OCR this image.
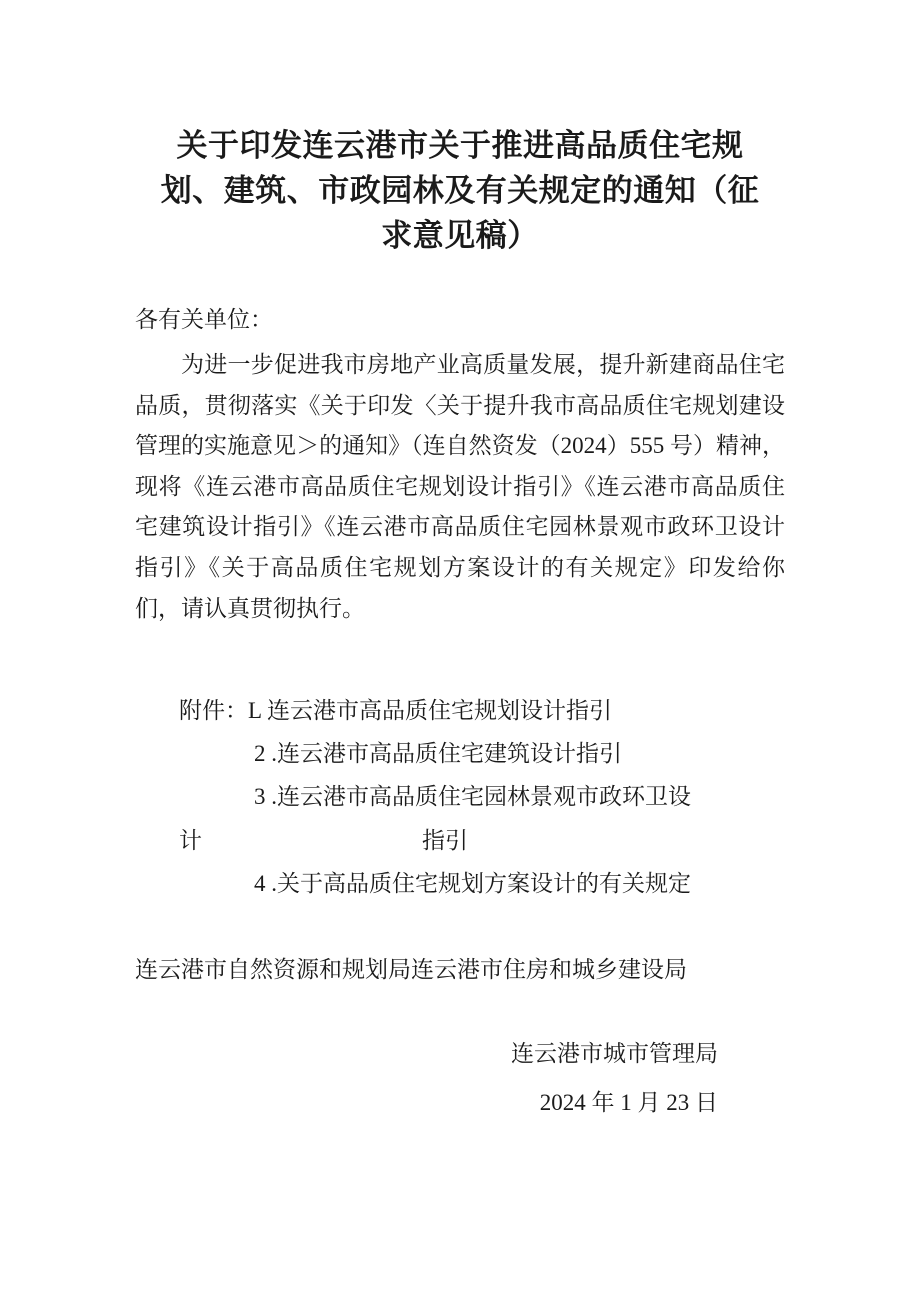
关于印发连云港市关于推进高品质住宅规
划、建筑、市政园林及有关规定的通知（征
求意见稿）
各有关单位：
为进一步促进我市房地产业高质量发展，提升新建商品住宅品质，贯彻落实《关于印发〈关于提升我市高品质住宅规划建设管理的实施意见＞的通知》（连自然资发（2024）555 号）精神，现将《连云港市高品质住宅规划设计指引》《连云港市高品质住宅建筑设计指引》《连云港市高品质住宅园林景观市政环卫设计指引》《关于高品质住宅规划方案设计的有关规定》印发给你们，请认真贯彻执行。
附件：L 连云港市高品质住宅规划设计指引
2 .连云港市高品质住宅建筑设计指引
3 .连云港市高品质住宅园林景观市政环卫设
计	指引
4 .关于高品质住宅规划方案设计的有关规定
连云港市自然资源和规划局连云港市住房和城乡建设局
连云港市城市管理局
2024 年 1 月 23 日
